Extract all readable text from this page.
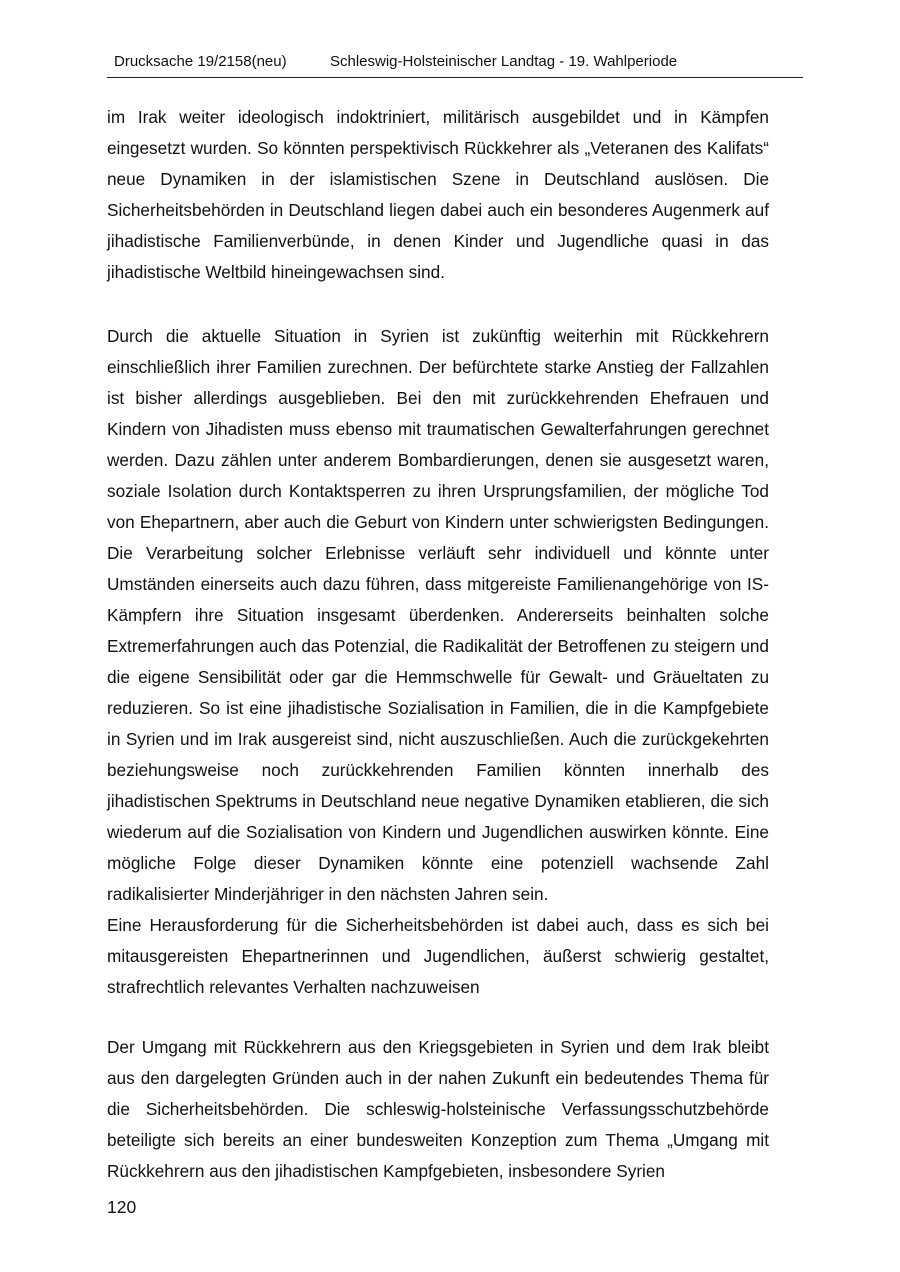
Drucksache 19/2158(neu)	Schleswig-Holsteinischer Landtag - 19. Wahlperiode

im Irak weiter ideologisch indoktriniert, militärisch ausgebildet und in Kämpfen eingesetzt wurden. So könnten perspektivisch Rückkehrer als „Veteranen des Kalifats“ neue Dynamiken in der islamistischen Szene in Deutschland auslösen. Die Sicherheitsbehörden in Deutschland liegen dabei auch ein besonderes Augenmerk auf jihadistische Familienverbünde, in denen Kinder und Jugendliche quasi in das jihadistische Weltbild hineingewachsen sind.

Durch die aktuelle Situation in Syrien ist zukünftig weiterhin mit Rückkehrern einschließlich ihrer Familien zurechnen. Der befürchtete starke Anstieg der Fallzahlen ist bisher allerdings ausgeblieben. Bei den mit zurückkehrenden Ehefrauen und Kindern von Jihadisten muss ebenso mit traumatischen Gewalterfahrungen gerechnet werden. Dazu zählen unter anderem Bombardierungen, denen sie ausgesetzt waren, soziale Isolation durch Kontaktsperren zu ihren Ursprungsfamilien, der mögliche Tod von Ehepartnern, aber auch die Geburt von Kindern unter schwierigsten Bedingungen. Die Verarbeitung solcher Erlebnisse verläuft sehr individuell und könnte unter Umständen einerseits auch dazu führen, dass mitgereiste Familienangehörige von IS-Kämpfern ihre Situation insgesamt überdenken. Andererseits beinhalten solche Extremerfahrungen auch das Potenzial, die Radikalität der Betroffenen zu steigern und die eigene Sensibilität oder gar die Hemmschwelle für Gewalt- und Gräueltaten zu reduzieren. So ist eine jihadistische Sozialisation in Familien, die in die Kampfgebiete in Syrien und im Irak ausgereist sind, nicht auszuschließen. Auch die zurückgekehrten beziehungsweise noch zurückkehrenden Familien könnten innerhalb des jihadistischen Spektrums in Deutschland neue negative Dynamiken etablieren, die sich wiederum auf die Sozialisation von Kindern und Jugendlichen auswirken könnte. Eine mögliche Folge dieser Dynamiken könnte eine potenziell wachsende Zahl radikalisierter Minderjähriger in den nächsten Jahren sein.

Eine Herausforderung für die Sicherheitsbehörden ist dabei auch, dass es sich bei mitausgereisten Ehepartnerinnen und Jugendlichen, äußerst schwierig gestaltet, strafrechtlich relevantes Verhalten nachzuweisen

Der Umgang mit Rückkehrern aus den Kriegsgebieten in Syrien und dem Irak bleibt aus den dargelegten Gründen auch in der nahen Zukunft ein bedeutendes Thema für die Sicherheitsbehörden. Die schleswig-holsteinische Verfassungsschutzbehörde beteiligte sich bereits an einer bundesweiten Konzeption zum Thema „Umgang mit Rückkehrern aus den jihadistischen Kampfgebieten, insbesondere Syrien

120
